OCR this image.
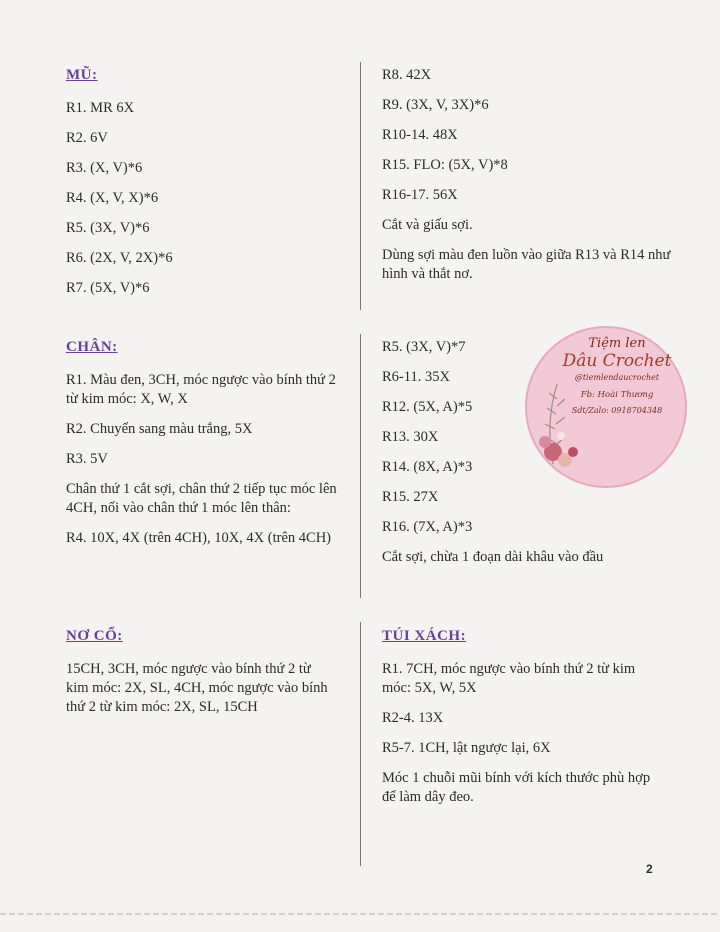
MŨ:
R1. MR 6X
R2. 6V
R3. (X, V)*6
R4. (X, V, X)*6
R5. (3X, V)*6
R6. (2X, V, 2X)*6
R7. (5X, V)*6
R8. 42X
R9. (3X, V, 3X)*6
R10-14. 48X
R15. FLO: (5X, V)*8
R16-17. 56X
Cắt và giấu sợi.
Dùng sợi màu đen luồn vào giữa R13 và R14 như hình và thắt nơ.
CHÂN:
R1. Màu đen, 3CH, móc ngược vào bính thứ 2 từ kim móc: X, W, X
R2. Chuyển sang màu trắng, 5X
R3. 5V
Chân thứ 1 cắt sợi, chân thứ 2 tiếp tục móc lên 4CH, nối vào chân thứ 1 móc lên thân:
R4. 10X, 4X (trên 4CH), 10X, 4X (trên 4CH)
R5. (3X, V)*7
R6-11. 35X
R12. (5X, A)*5
R13. 30X
R14. (8X, A)*3
R15. 27X
R16. (7X, A)*3
Cắt sợi, chừa 1 đoạn dài khâu vào đầu
NƠ CỔ:
15CH, 3CH, móc ngược vào bính thứ 2 từ kim móc: 2X, SL, 4CH, móc ngược vào bính thứ 2 từ kim móc: 2X, SL, 15CH
TÚI XÁCH:
R1. 7CH, móc ngược vào bính thứ 2 từ kim móc: 5X, W, 5X
R2-4. 13X
R5-7. 1CH, lật ngược lại, 6X
Móc 1 chuỗi mũi bính với kích thước phù hợp để làm dây đeo.
Tiệm len
Dâu Crochet
@tiemlendaucrochet
Fb: Hoài Thương
Sdt/Zalo: 0918704348
2
